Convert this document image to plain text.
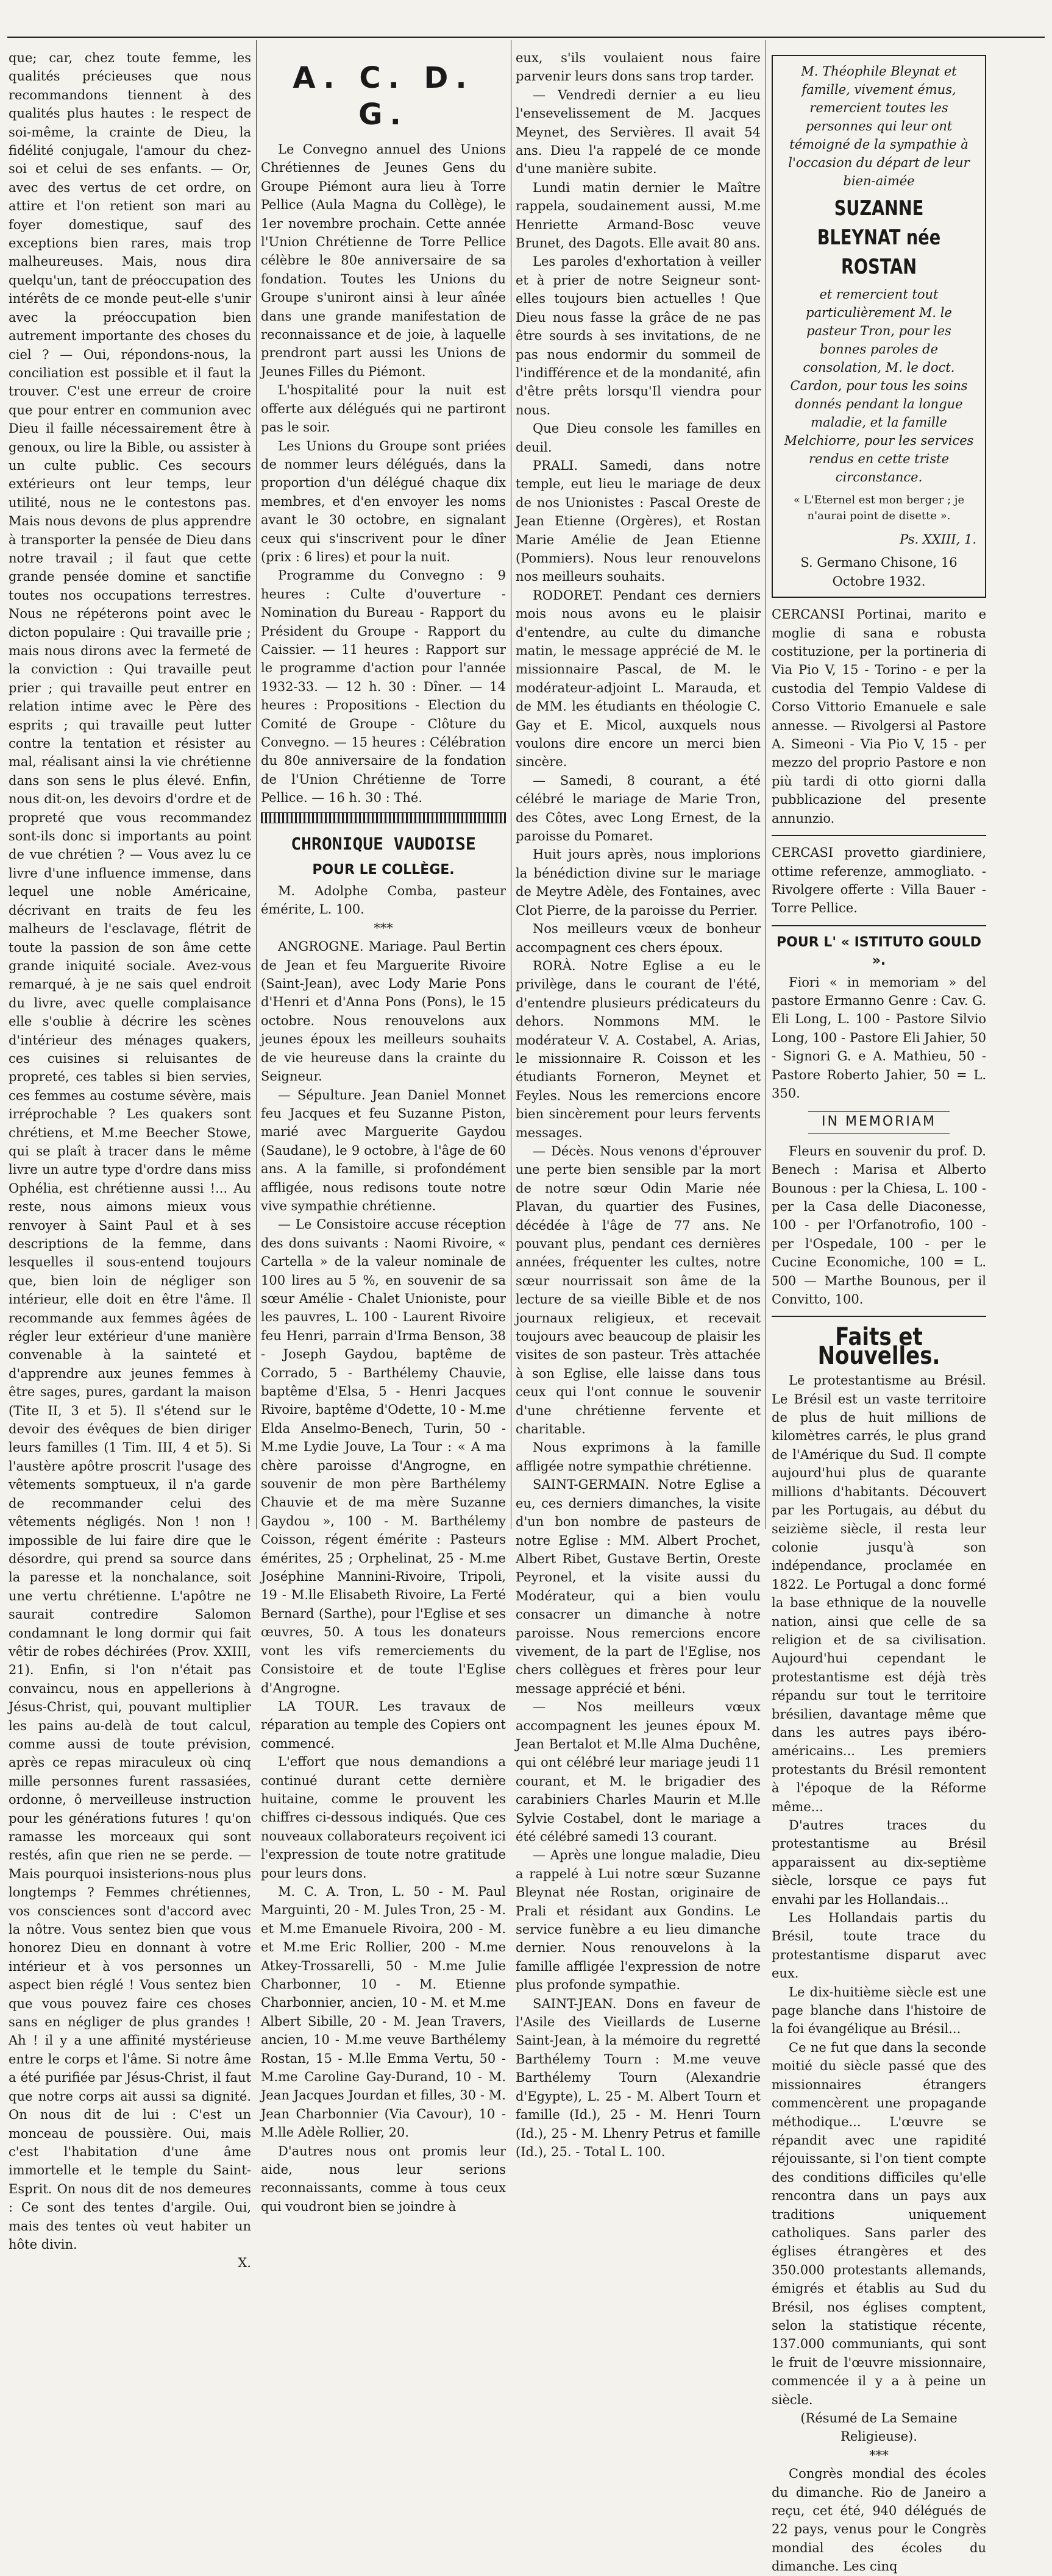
que; car, chez toute femme, les qualités précieuses que nous recommandons tiennent à des qualités plus hautes : le respect de soi-même, la crainte de Dieu, la fidélité conjugale, l'amour du chez-soi et celui de ses enfants. — Or, avec des vertus de cet ordre, on attire et l'on retient son mari au foyer domestique, sauf des exceptions bien rares, mais trop malheureuses. Mais, nous dira quelqu'un, tant de préoccupation des intérêts de ce monde peut-elle s'unir avec la préoccupation bien autrement importante des choses du ciel ? — Oui, répondons-nous, la conciliation est possible et il faut la trouver. C'est une erreur de croire que pour entrer en communion avec Dieu il faille nécessairement être à genoux, ou lire la Bible, ou assister à un culte public. Ces secours extérieurs ont leur temps, leur utilité, nous ne le contestons pas. Mais nous devons de plus apprendre à transporter la pensée de Dieu dans notre travail ; il faut que cette grande pensée domine et sanctifie toutes nos occupations terrestres. Nous ne répéterons point avec le dicton populaire : Qui travaille prie ; mais nous dirons avec la fermeté de la conviction : Qui travaille peut prier ; qui travaille peut entrer en relation intime avec le Père des esprits ; qui travaille peut lutter contre la tentation et résister au mal, réalisant ainsi la vie chrétienne dans son sens le plus élevé. Enfin, nous dit-on, les devoirs d'ordre et de propreté que vous recommandez sont-ils donc si importants au point de vue chrétien ? — Vous avez lu ce livre d'une influence immense, dans lequel une noble Américaine, décrivant en traits de feu les malheurs de l'esclavage, flétrit de toute la passion de son âme cette grande iniquité sociale. Avez-vous remarqué, à je ne sais quel endroit du livre, avec quelle complaisance elle s'oublie à décrire les scènes d'intérieur des ménages quakers, ces cuisines si reluisantes de propreté, ces tables si bien servies, ces femmes au costume sévère, mais irréprochable ? Les quakers sont chrétiens, et M.me Beecher Stowe, qui se plaît à tracer dans le même livre un autre type d'ordre dans miss Ophélia, est chrétienne aussi !... Au reste, nous aimons mieux vous renvoyer à Saint Paul et à ses descriptions de la femme, dans lesquelles il sous-entend toujours que, bien loin de négliger son intérieur, elle doit en être l'âme. Il recommande aux femmes âgées de régler leur extérieur d'une manière convenable à la sainteté et d'apprendre aux jeunes femmes à être sages, pures, gardant la maison (Tite II, 3 et 5). Il s'étend sur le devoir des évêques de bien diriger leurs familles (1 Tim. III, 4 et 5). Si l'austère apôtre proscrit l'usage des vêtements somptueux, il n'a garde de recommander celui des vêtements négligés. Non ! non ! impossible de lui faire dire que le désordre, qui prend sa source dans la paresse et la nonchalance, soit une vertu chrétienne. L'apôtre ne saurait contredire Salomon condamnant le long dormir qui fait vêtir de robes déchirées (Prov. XXIII, 21). Enfin, si l'on n'était pas convaincu, nous en appellerions à Jésus-Christ, qui, pouvant multiplier les pains au-delà de tout calcul, comme aussi de toute prévision, après ce repas miraculeux où cinq mille personnes furent rassasiées, ordonne, ô merveilleuse instruction pour les générations futures ! qu'on ramasse les morceaux qui sont restés, afin que rien ne se perde. — Mais pourquoi insisterions-nous plus longtemps ? Femmes chrétiennes, vos consciences sont d'accord avec la nôtre. Vous sentez bien que vous honorez Dieu en donnant à votre intérieur et à vos personnes un aspect bien réglé ! Vous sentez bien que vous pouvez faire ces choses sans en négliger de plus grandes ! Ah ! il y a une affinité mystérieuse entre le corps et l'âme. Si notre âme a été purifiée par Jésus-Christ, il faut que notre corps ait aussi sa dignité. On nous dit de lui : C'est un monceau de poussière. Oui, mais c'est l'habitation d'une âme immortelle et le temple du Saint-Esprit. On nous dit de nos demeures : Ce sont des tentes d'argile. Oui, mais des tentes où veut habiter un hôte divin.

X.
A. C. D. G.

Le Convegno annuel des Unions Chrétiennes de Jeunes Gens du Groupe Piémont aura lieu à Torre Pellice (Aula Magna du Collège), le 1er novembre prochain. Cette année l'Union Chrétienne de Torre Pellice célèbre le 80e anniversaire de sa fondation. Toutes les Unions du Groupe s'uniront ainsi à leur aînée dans une grande manifestation de reconnaissance et de joie, à laquelle prendront part aussi les Unions de Jeunes Filles du Piémont.

L'hospitalité pour la nuit est offerte aux délégués qui ne partiront pas le soir.

Les Unions du Groupe sont priées de nommer leurs délégués, dans la proportion d'un délégué chaque dix membres, et d'en envoyer les noms avant le 30 octobre, en signalant ceux qui s'inscrivent pour le dîner (prix : 6 lires) et pour la nuit.

Programme du Convegno : 9 heures : Culte d'ouverture - Nomination du Bureau - Rapport du Président du Groupe - Rapport du Caissier. — 11 heures : Rapport sur le programme d'action pour l'année 1932-33. — 12 h. 30 : Dîner. — 14 heures : Propositions - Election du Comité de Groupe - Clôture du Convegno. — 15 heures : Célébration du 80e anniversaire de la fondation de l'Union Chrétienne de Torre Pellice. — 16 h. 30 : Thé.

CHRONIQUE VAUDOISE
POUR LE COLLÈGE.

M. Adolphe Comba, pasteur émérite, L. 100.

***

ANGROGNE. Mariage. Paul Bertin de Jean et feu Marguerite Rivoire (Saint-Jean), avec Lody Marie Pons d'Henri et d'Anna Pons (Pons), le 15 octobre. Nous renouvelons aux jeunes époux les meilleurs souhaits de vie heureuse dans la crainte du Seigneur.

— Sépulture. Jean Daniel Monnet feu Jacques et feu Suzanne Piston, marié avec Marguerite Gaydou (Saudane), le 9 octobre, à l'âge de 60 ans. A la famille, si profondément affligée, nous redisons toute notre vive sympathie chrétienne.

— Le Consistoire accuse réception des dons suivants : Naomi Rivoire, « Cartella » de la valeur nominale de 100 lires au 5 %, en souvenir de sa sœur Amélie - Chalet Unioniste, pour les pauvres, L. 100 - Laurent Rivoire feu Henri, parrain d'Irma Benson, 38 - Joseph Gaydou, baptême de Corrado, 5 - Barthélemy Chauvie, baptême d'Elsa, 5 - Henri Jacques Rivoire, baptême d'Odette, 10 - M.me Elda Anselmo-Benech, Turin, 50 - M.me Lydie Jouve, La Tour : « A ma chère paroisse d'Angrogne, en souvenir de mon père Barthélemy Chauvie et de ma mère Suzanne Gaydou », 100 - M. Barthélemy Coisson, régent émérite : Pasteurs émérites, 25 ; Orphelinat, 25 - M.me Joséphine Mannini-Rivoire, Tripoli, 19 - M.lle Elisabeth Rivoire, La Ferté Bernard (Sarthe), pour l'Eglise et ses œuvres, 50. A tous les donateurs vont les vifs remerciements du Consistoire et de toute l'Eglise d'Angrogne.

LA TOUR. Les travaux de réparation au temple des Copiers ont commencé.

L'effort que nous demandions a continué durant cette dernière huitaine, comme le prouvent les chiffres ci-dessous indiqués. Que ces nouveaux collaborateurs reçoivent ici l'expression de toute notre gratitude pour leurs dons.

M. C. A. Tron, L. 50 - M. Paul Marguinti, 20 - M. Jules Tron, 25 - M. et M.me Emanuele Rivoira, 200 - M. et M.me Eric Rollier, 200 - M.me Atkey-Trossarelli, 50 - M.me Julie Charbonner, 10 - M. Etienne Charbonnier, ancien, 10 - M. et M.me Albert Sibille, 20 - M. Jean Travers, ancien, 10 - M.me veuve Barthélemy Rostan, 15 - M.lle Emma Vertu, 50 - M.me Caroline Gay-Durand, 10 - M. Jean Jacques Jourdan et filles, 30 - M. Jean Charbonnier (Via Cavour), 10 - M.lle Adèle Rollier, 20.

D'autres nous ont promis leur aide, nous leur serions reconnaissants, comme à tous ceux qui voudront bien se joindre à

eux, s'ils voulaient nous faire parvenir leurs dons sans trop tarder.

— Vendredi dernier a eu lieu l'ensevelissement de M. Jacques Meynet, des Servières. Il avait 54 ans. Dieu l'a rappelé de ce monde d'une manière subite.

Lundi matin dernier le Maître rappela, soudainement aussi, M.me Henriette Armand-Bosc veuve Brunet, des Dagots. Elle avait 80 ans.

Les paroles d'exhortation à veiller et à prier de notre Seigneur sont-elles toujours bien actuelles ! Que Dieu nous fasse la grâce de ne pas être sourds à ses invitations, de ne pas nous endormir du sommeil de l'indifférence et de la mondanité, afin d'être prêts lorsqu'Il viendra pour nous.

Que Dieu console les familles en deuil.

PRALI. Samedi, dans notre temple, eut lieu le mariage de deux de nos Unionistes : Pascal Oreste de Jean Etienne (Orgères), et Rostan Marie Amélie de Jean Etienne (Pommiers). Nous leur renouvelons nos meilleurs souhaits.

RODORET. Pendant ces derniers mois nous avons eu le plaisir d'entendre, au culte du dimanche matin, le message apprécié de M. le missionnaire Pascal, de M. le modérateur-adjoint L. Marauda, et de MM. les étudiants en théologie C. Gay et E. Micol, auxquels nous voulons dire encore un merci bien sincère.

— Samedi, 8 courant, a été célébré le mariage de Marie Tron, des Côtes, avec Long Ernest, de la paroisse du Pomaret.

Huit jours après, nous implorions la bénédiction divine sur le mariage de Meytre Adèle, des Fontaines, avec Clot Pierre, de la paroisse du Perrier.

Nos meilleurs vœux de bonheur accompagnent ces chers époux.

RORÀ. Notre Eglise a eu le privilège, dans le courant de l'été, d'entendre plusieurs prédicateurs du dehors. Nommons MM. le modérateur V. A. Costabel, A. Arias, le missionnaire R. Coisson et les étudiants Forneron, Meynet et Feyles. Nous les remercions encore bien sincèrement pour leurs fervents messages.

— Décès. Nous venons d'éprouver une perte bien sensible par la mort de notre sœur Odin Marie née Plavan, du quartier des Fusines, décédée à l'âge de 77 ans. Ne pouvant plus, pendant ces dernières années, fréquenter les cultes, notre sœur nourrissait son âme de la lecture de sa vieille Bible et de nos journaux religieux, et recevait toujours avec beaucoup de plaisir les visites de son pasteur. Très attachée à son Eglise, elle laisse dans tous ceux qui l'ont connue le souvenir d'une chrétienne fervente et charitable.

Nous exprimons à la famille affligée notre sympathie chrétienne.

SAINT-GERMAIN. Notre Eglise a eu, ces derniers dimanches, la visite d'un bon nombre de pasteurs de notre Eglise : MM. Albert Prochet, Albert Ribet, Gustave Bertin, Oreste Peyronel, et la visite aussi du Modérateur, qui a bien voulu consacrer un dimanche à notre paroisse. Nous remercions encore vivement, de la part de l'Eglise, nos chers collègues et frères pour leur message apprécié et béni.

— Nos meilleurs vœux accompagnent les jeunes époux M. Jean Bertalot et M.lle Alma Duchêne, qui ont célébré leur mariage jeudi 11 courant, et M. le brigadier des carabiniers Charles Maurin et M.lle Sylvie Costabel, dont le mariage a été célébré samedi 13 courant.

— Après une longue maladie, Dieu a rappelé à Lui notre sœur Suzanne Bleynat née Rostan, originaire de Prali et résidant aux Gondins. Le service funèbre a eu lieu dimanche dernier. Nous renouvelons à la famille affligée l'expression de notre plus profonde sympathie.

SAINT-JEAN. Dons en faveur de l'Asile des Vieillards de Luserne Saint-Jean, à la mémoire du regretté Barthélemy Tourn : M.me veuve Barthélemy Tourn (Alexandrie d'Egypte), L. 25 - M. Albert Tourn et famille (Id.), 25 - M. Henri Tourn (Id.), 25 - M. Lhenry Petrus et famille (Id.), 25. - Total L. 100.

M. Théophile Bleynat et famille, vivement émus, remercient toutes les personnes qui leur ont témoigné de la sympathie à l'occasion du départ de leur bien-aimée
SUZANNE BLEYNAT née ROSTAN
et remercient tout particulièrement M. le pasteur Tron, pour les bonnes paroles de consolation, M. le doct. Cardon, pour tous les soins donnés pendant la longue maladie, et la famille Melchiorre, pour les services rendus en cette triste circonstance.
« L'Eternel est mon berger ; je n'aurai point de disette ».
Ps. XXIII, 1.
S. Germano Chisone, 16 Octobre 1932.

CERCANSI Portinai, marito e moglie di sana e robusta costituzione, per la portineria di Via Pio V, 15 - Torino - e per la custodia del Tempio Valdese di Corso Vittorio Emanuele e sale annesse. — Rivolgersi al Pastore A. Simeoni - Via Pio V, 15 - per mezzo del proprio Pastore e non più tardi di otto giorni dalla pubblicazione del presente annunzio.

CERCASI provetto giardiniere, ottime referenze, ammogliato. - Rivolgere offerte : Villa Bauer - Torre Pellice.

POUR L' « ISTITUTO GOULD ».

Fiori « in memoriam » del pastore Ermanno Genre : Cav. G. Eli Long, L. 100 - Pastore Silvio Long, 100 - Pastore Eli Jahier, 50 - Signori G. e A. Mathieu, 50 - Pastore Roberto Jahier, 50 = L. 350.

IN MEMORIAM

Fleurs en souvenir du prof. D. Benech : Marisa et Alberto Bounous : per la Chiesa, L. 100 - per la Casa delle Diaconesse, 100 - per l'Orfanotrofio, 100 - per l'Ospedale, 100 - per le Cucine Economiche, 100 = L. 500 — Marthe Bounous, per il Convitto, 100.

Faits et Nouvelles.

Le protestantisme au Brésil. Le Brésil est un vaste territoire de plus de huit millions de kilomètres carrés, le plus grand de l'Amérique du Sud. Il compte aujourd'hui plus de quarante millions d'habitants. Découvert par les Portugais, au début du seizième siècle, il resta leur colonie jusqu'à son indépendance, proclamée en 1822. Le Portugal a donc formé la base ethnique de la nouvelle nation, ainsi que celle de sa religion et de sa civilisation. Aujourd'hui cependant le protestantisme est déjà très répandu sur tout le territoire brésilien, davantage même que dans les autres pays ibéro-américains... Les premiers protestants du Brésil remontent à l'époque de la Réforme même...

D'autres traces du protestantisme au Brésil apparaissent au dix-septième siècle, lorsque ce pays fut envahi par les Hollandais...

Les Hollandais partis du Brésil, toute trace du protestantisme disparut avec eux.

Le dix-huitième siècle est une page blanche dans l'histoire de la foi évangélique au Brésil...

Ce ne fut que dans la seconde moitié du siècle passé que des missionnaires étrangers commencèrent une propagande méthodique... L'œuvre se répandit avec une rapidité réjouissante, si l'on tient compte des conditions difficiles qu'elle rencontra dans un pays aux traditions uniquement catholiques. Sans parler des églises étrangères et des 350.000 protestants allemands, émigrés et établis au Sud du Brésil, nos églises comptent, selon la statistique récente, 137.000 communiants, qui sont le fruit de l'œuvre missionnaire, commencée il y a à peine un siècle.

(Résumé de La Semaine Religieuse).
***

Congrès mondial des écoles du dimanche. Rio de Janeiro a reçu, cet été, 940 délégués de 22 pays, venus pour le Congrès mondial des écoles du dimanche. Les cinq
